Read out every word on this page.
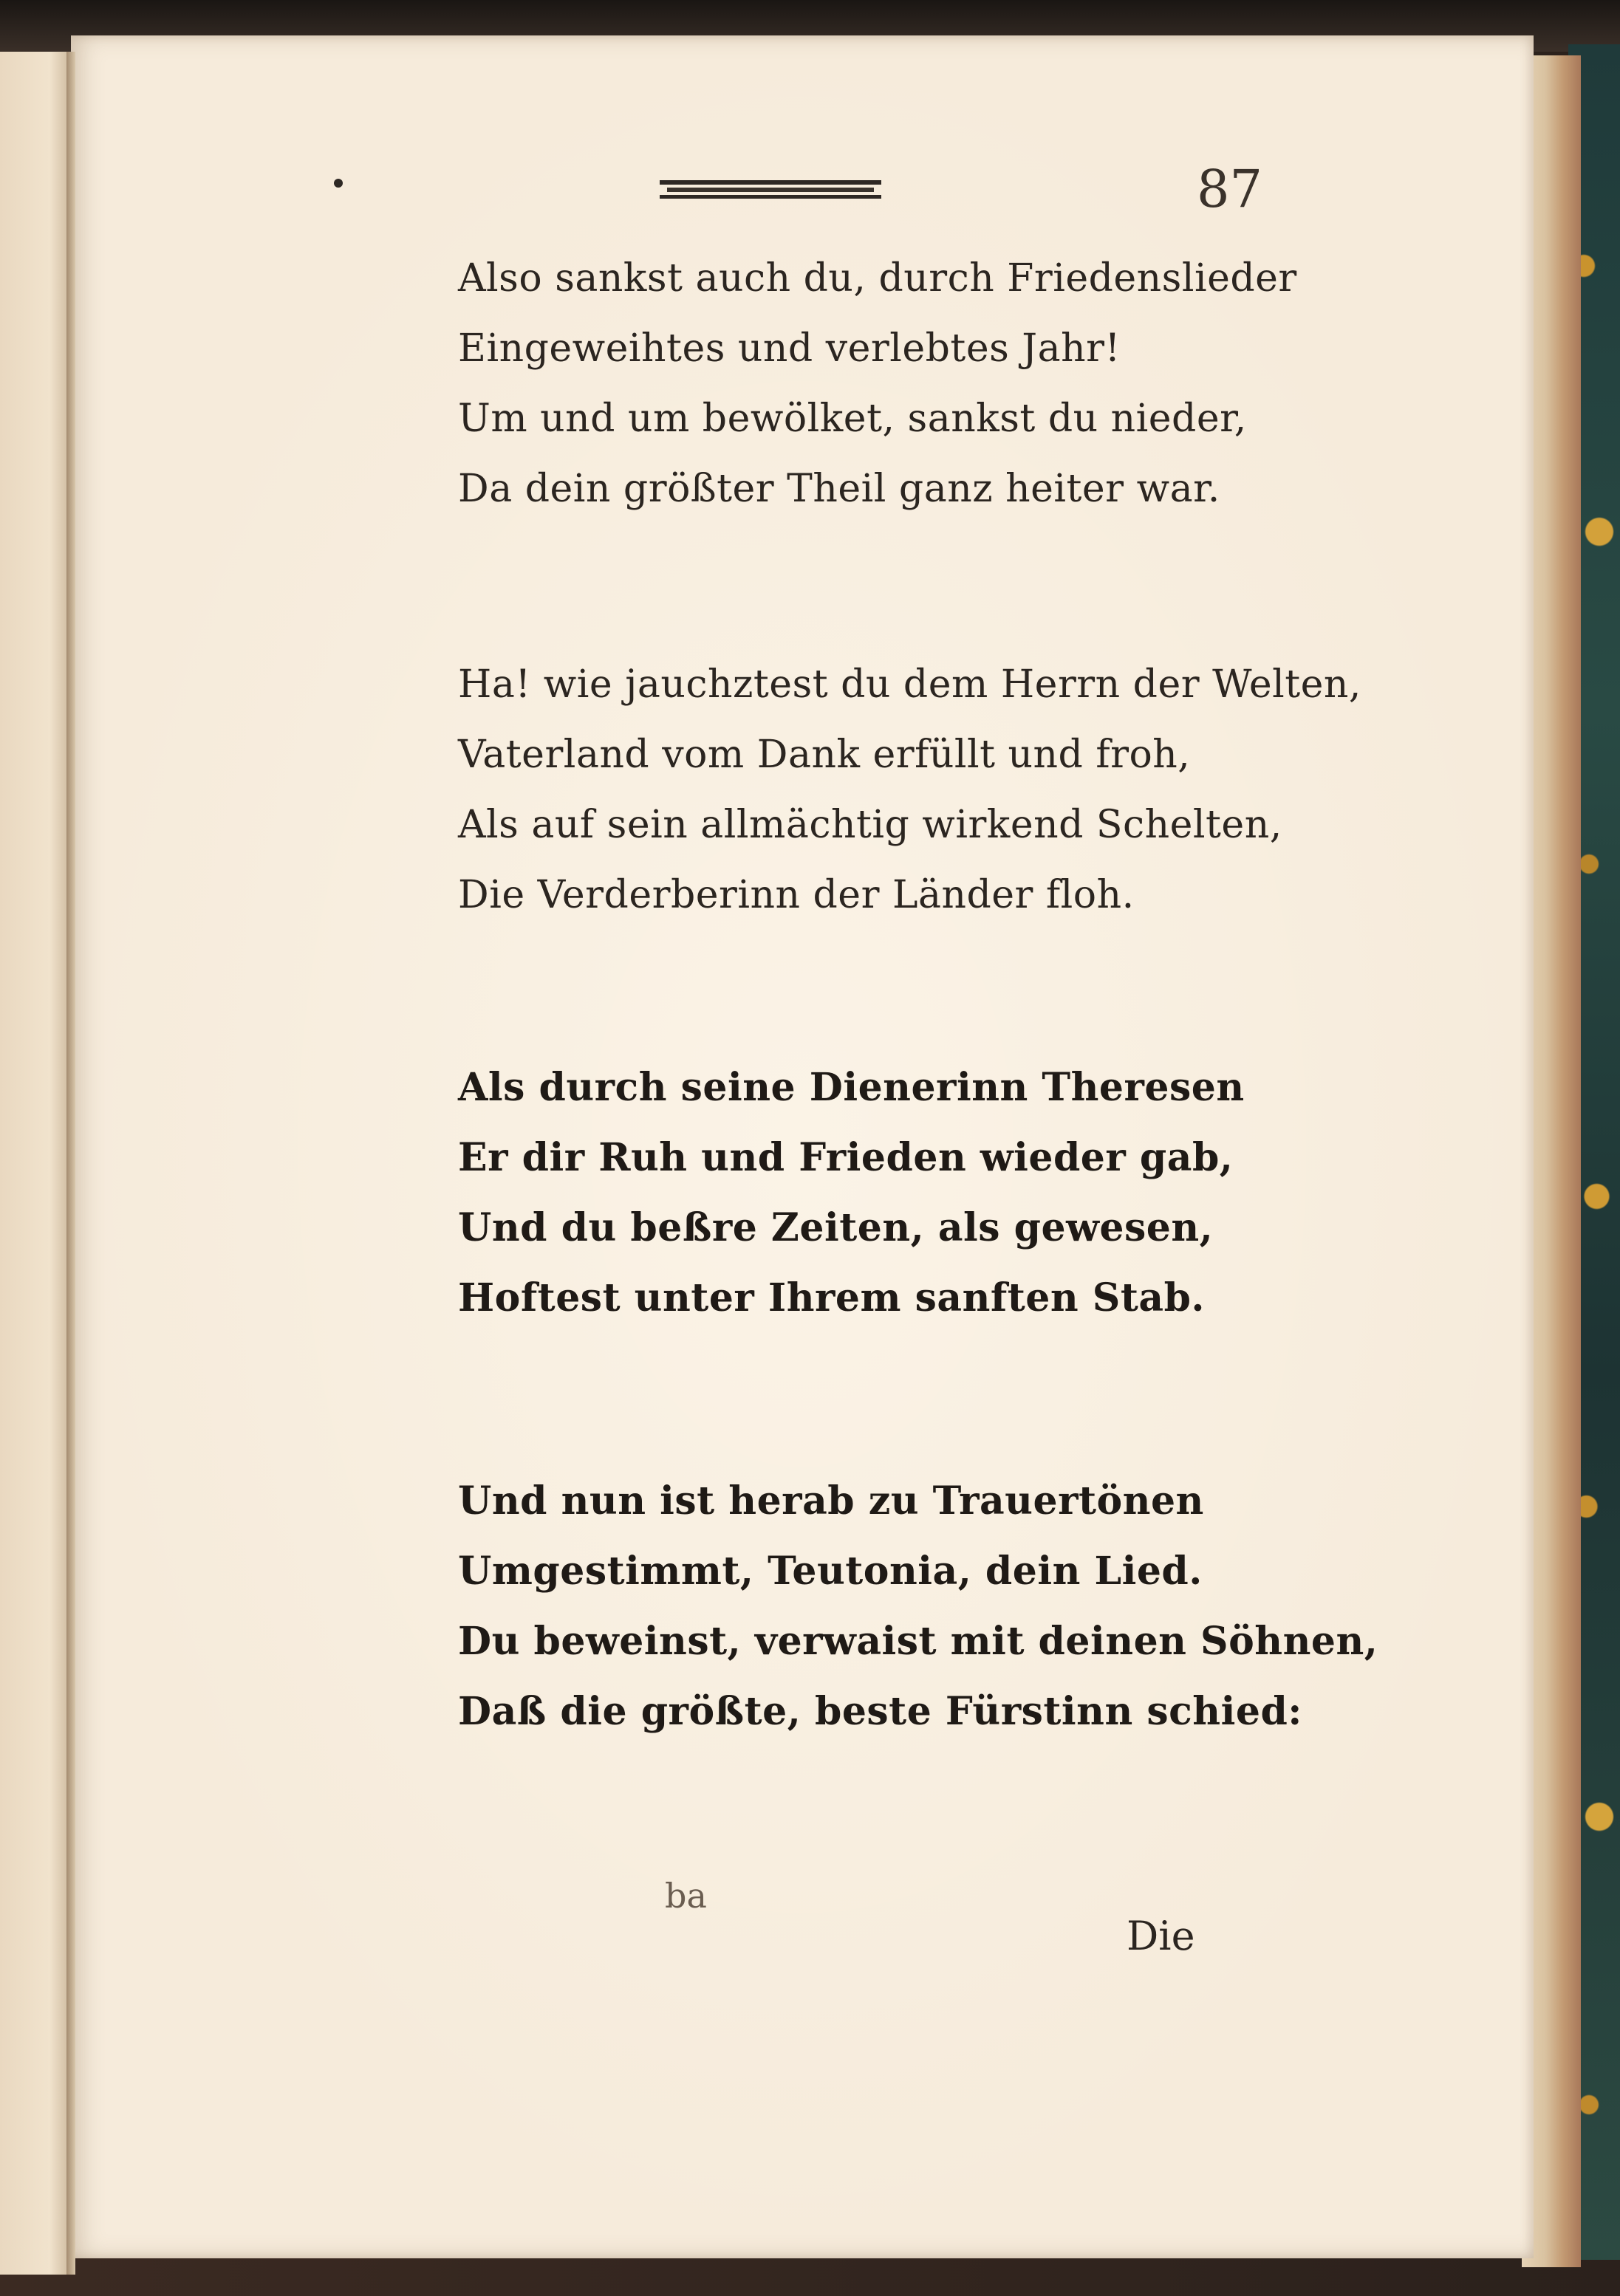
87
Also sankst auch du, durch Friedenslieder
Eingeweihtes und verlebtes Jahr!
Um und um bewölket, sankst du nieder,
Da dein größter Theil ganz heiter war.
Ha! wie jauchztest du dem Herrn der Welten,
Vaterland vom Dank erfüllt und froh,
Als auf sein allmächtig wirkend Schelten,
Die Verderberinn der Länder floh.
Als durch seine Dienerinn Theresen
Er dir Ruh und Frieden wieder gab,
Und du beßre Zeiten, als gewesen,
Hoftest unter Ihrem sanften Stab.
Und nun ist herab zu Trauertönen
Umgestimmt, Teutonia, dein Lied.
Du beweinst, verwaist mit deinen Söhnen,
Daß die größte, beste Fürstinn schied:
ba
Die
